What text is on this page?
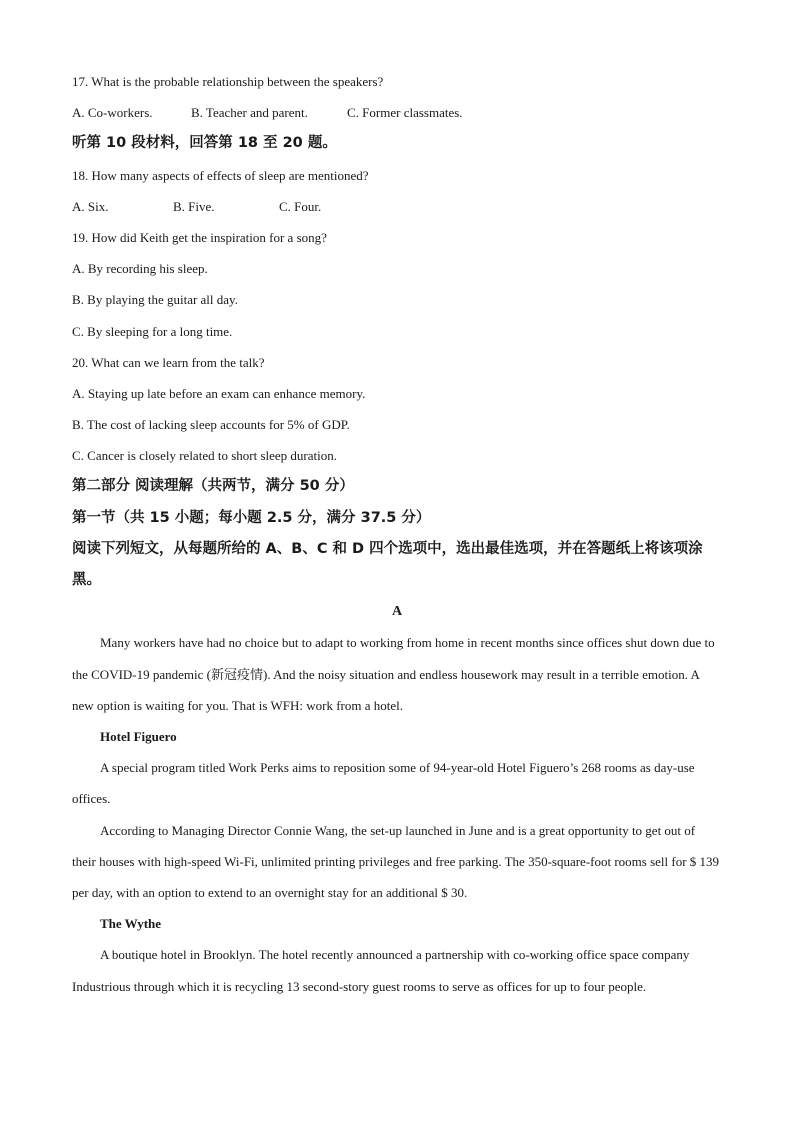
17. What is the probable relationship between the speakers?
A. Co-workers.	B. Teacher and parent.	C. Former classmates.
听第 10 段材料，回答第 18 至 20 题。
18. How many aspects of effects of sleep are mentioned?
A. Six.	B. Five.	C. Four.
19. How did Keith get the inspiration for a song?
A. By recording his sleep.
B. By playing the guitar all day.
C. By sleeping for a long time.
20. What can we learn from the talk?
A. Staying up late before an exam can enhance memory.
B. The cost of lacking sleep accounts for 5% of GDP.
C. Cancer is closely related to short sleep duration.
第二部分 阅读理解（共两节，满分 50 分）
第一节（共 15 小题；每小题 2.5 分，满分 37.5 分）
阅读下列短文，从每题所给的 A、B、C 和 D 四个选项中，选出最佳选项，并在答题纸上将该项涂黑。
A
Many workers have had no choice but to adapt to working from home in recent months since offices shut down due to the COVID-19 pandemic (新冠疫情). And the noisy situation and endless housework may result in a terrible emotion. A new option is waiting for you. That is WFH: work from a hotel.
Hotel Figuero
A special program titled Work Perks aims to reposition some of 94-year-old Hotel Figuero’s 268 rooms as day-use offices.
According to Managing Director Connie Wang, the set-up launched in June and is a great opportunity to get out of their houses with high-speed Wi-Fi, unlimited printing privileges and free parking. The 350-square-foot rooms sell for $ 139 per day, with an option to extend to an overnight stay for an additional $ 30.
The Wythe
A boutique hotel in Brooklyn. The hotel recently announced a partnership with co-working office space company Industrious through which it is recycling 13 second-story guest rooms to serve as offices for up to four people.
